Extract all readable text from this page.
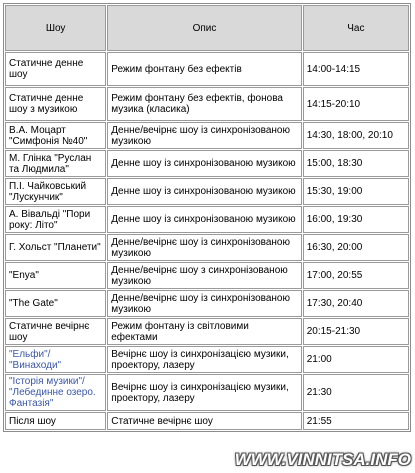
Шоу	Опис	Час
Статичне денне шоу	Режим фонтану без ефектів	14:00-14:15
Статичне денне шоу з музикою	Режим фонтану без ефектів, фонова музика (класика)	14:15-20:10
В.А. Моцарт "Симфонія №40"	Денне/вечірнє шоу із синхронізованою музикою	14:30, 18:00, 20:10
М. Глінка "Руслан та Людмила"	Денне шоу із синхронізованою музикою	15:00, 18:30
П.І. Чайковський "Лускунчик"	Денне шоу із синхронізованою музикою	15:30, 19:00
А. Вівальді "Пори року: Літо"	Денне шоу із синхронізованою музикою	16:00, 19:30
Г. Хольст "Планети"	Денне/вечірнє шоу із синхронізованою музикою	16:30, 20:00
"Enya"	Денне/вечірнє шоу з синхронізованою музикою	17:00, 20:55
"The Gate"	Денне/вечірнє шоу із синхронізованою музикою	17:30, 20:40
Статичне вечірнє шоу	Режим фонтану із світловими ефектами	20:15-21:30
"Ельфи"/ "Винаходи"	Вечірнє шоу із синхронізацією музики, проектору, лазеру	21:00
"Історія музики"/ "Лебединне озеро. Фантазія"	Вечірнє шоу із синхронізацією музики, проектору, лазеру	21:30
Після шоу	Статичне вечірнє шоу	21:55
WWW.VINNITSA.INFO
